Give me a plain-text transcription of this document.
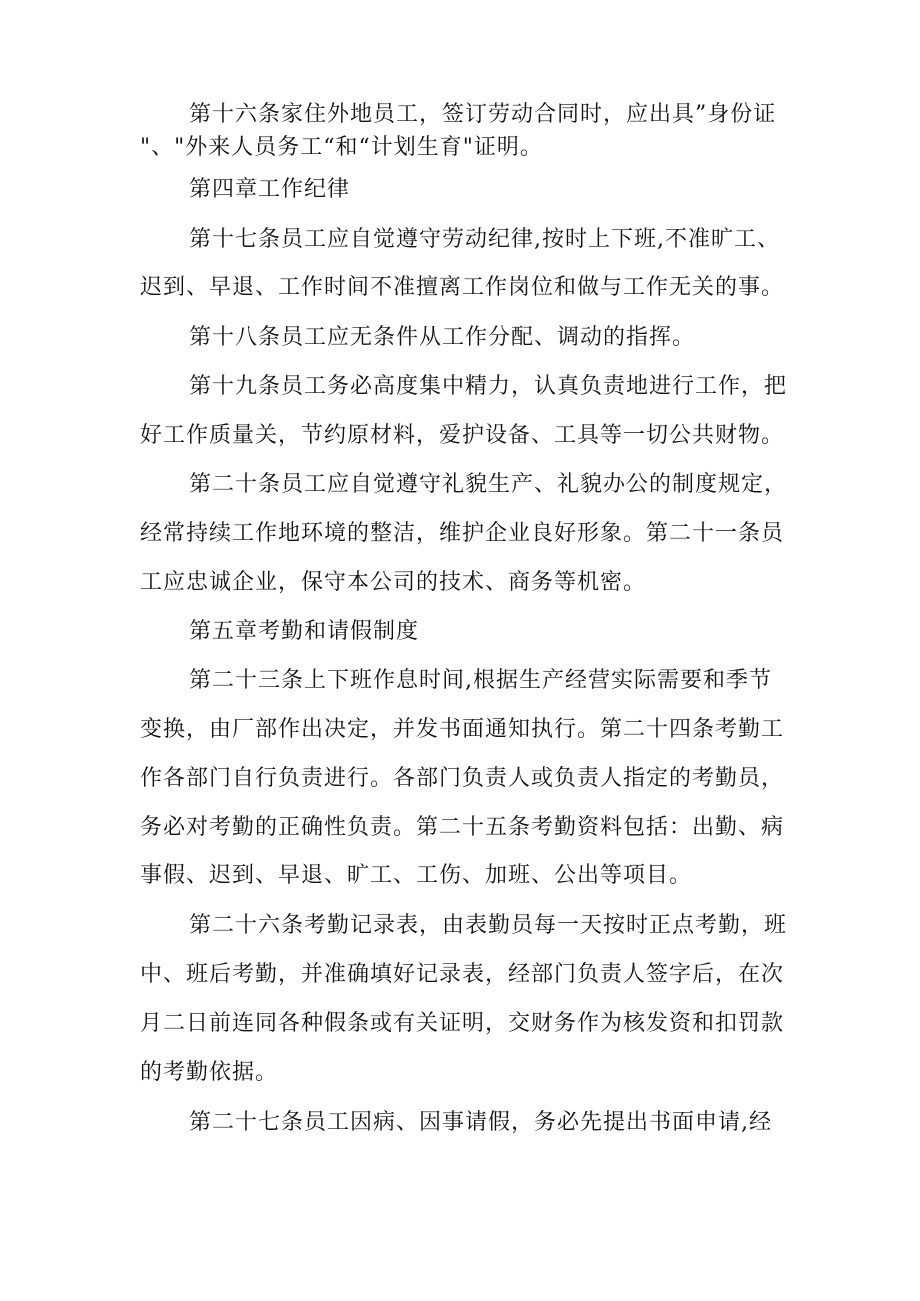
第十六条家住外地员工，签订劳动合同时，应出具”身份证
"、"外来人员务工“和“计划生育"证明。
第四章工作纪律
第十七条员工应自觉遵守劳动纪律,按时上下班,不准旷工、
迟到、早退、工作时间不准擅离工作岗位和做与工作无关的事。
第十八条员工应无条件从工作分配、调动的指挥。
第十九条员工务必高度集中精力，认真负责地进行工作，把
好工作质量关，节约原材料，爱护设备、工具等一切公共财物。
第二十条员工应自觉遵守礼貌生产、礼貌办公的制度规定，
经常持续工作地环境的整洁，维护企业良好形象。第二十一条员
工应忠诚企业，保守本公司的技术、商务等机密。
第五章考勤和请假制度
第二十三条上下班作息时间,根据生产经营实际需要和季节
变换，由厂部作出决定，并发书面通知执行。第二十四条考勤工
作各部门自行负责进行。各部门负责人或负责人指定的考勤员，
务必对考勤的正确性负责。第二十五条考勤资料包括：出勤、病
事假、迟到、早退、旷工、工伤、加班、公出等项目。
第二十六条考勤记录表，由表勤员每一天按时正点考勤，班
中、班后考勤，并准确填好记录表，经部门负责人签字后，在次
月二日前连同各种假条或有关证明，交财务作为核发资和扣罚款
的考勤依据。
第二十七条员工因病、因事请假，务必先提出书面申请,经
